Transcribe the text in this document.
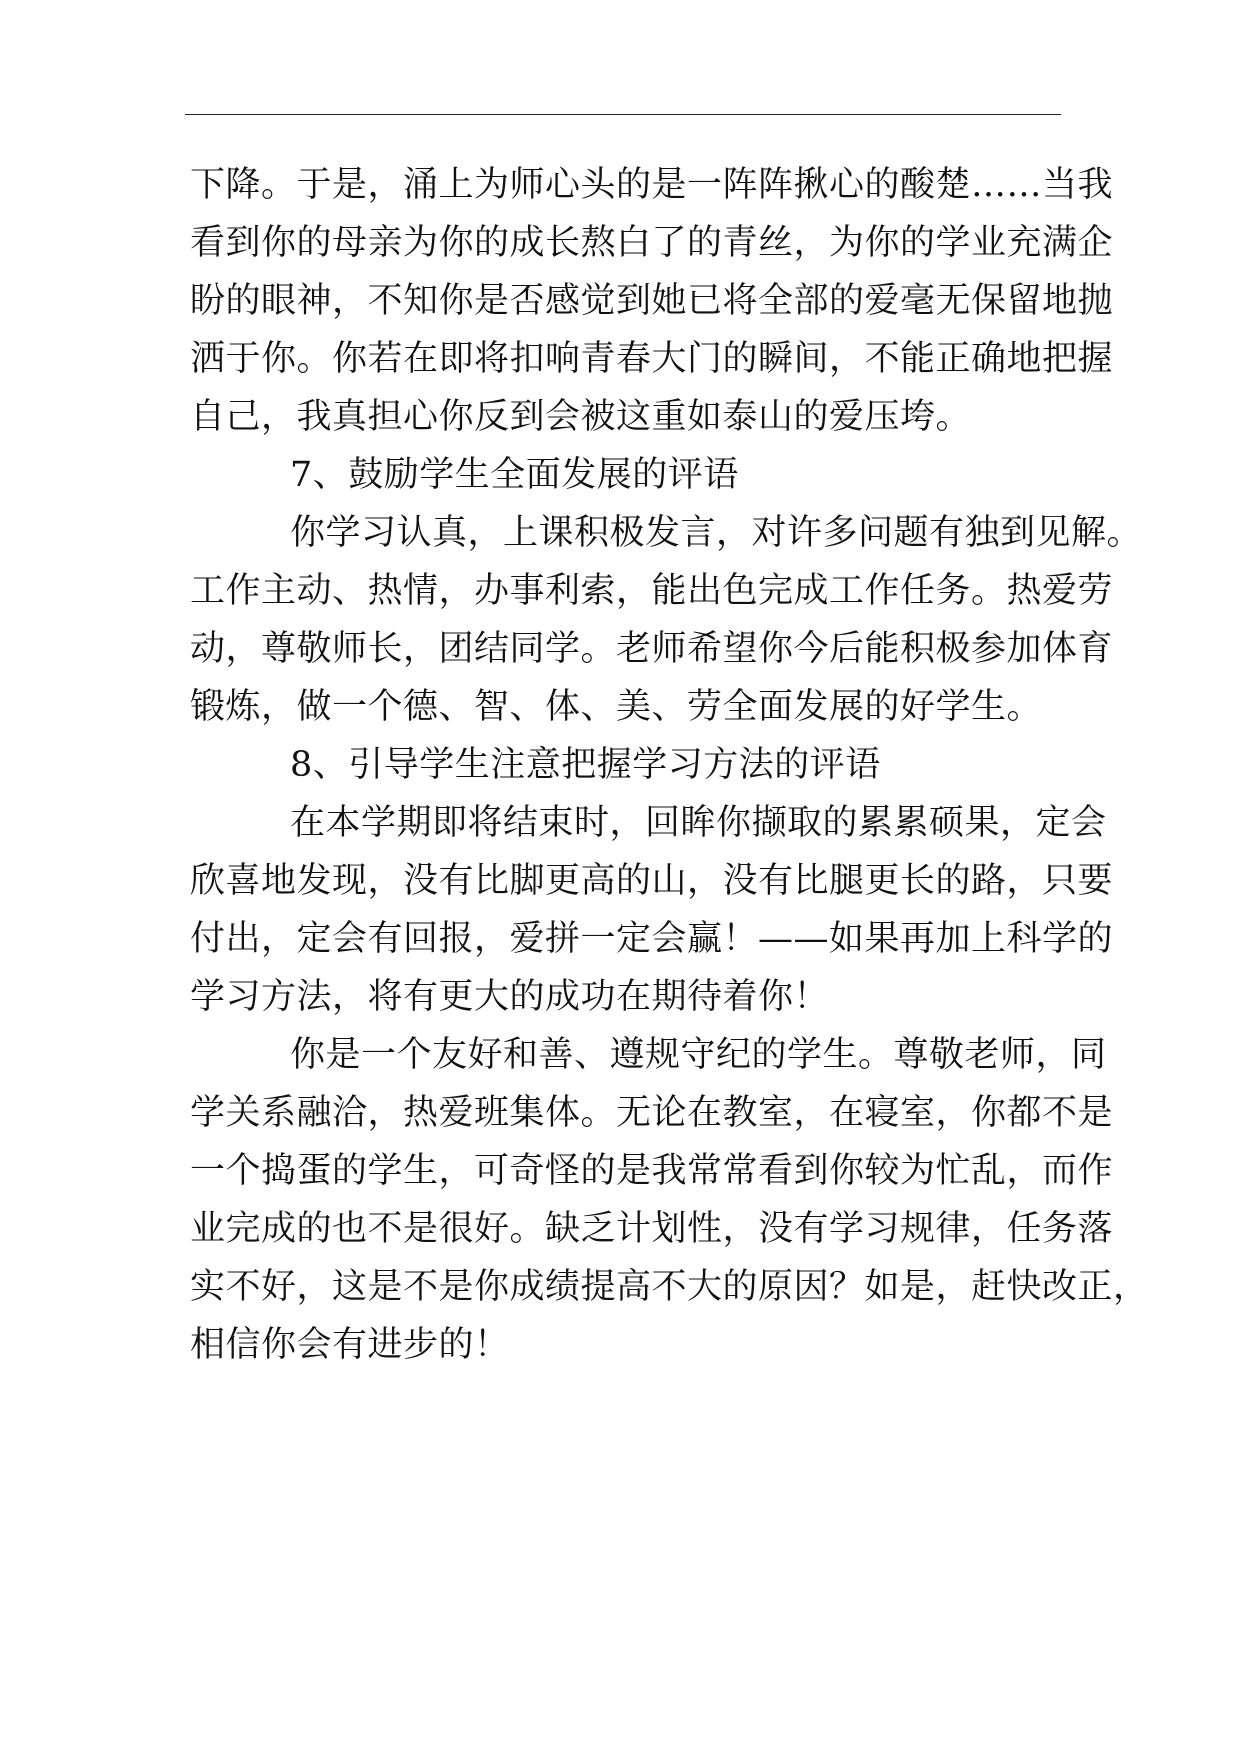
下降。于是，涌上为师心头的是一阵阵揪心的酸楚……当我
看到你的母亲为你的成长熬白了的青丝，为你的学业充满企
盼的眼神，不知你是否感觉到她已将全部的爱毫无保留地抛
洒于你。你若在即将扣响青春大门的瞬间，不能正确地把握
自己，我真担心你反到会被这重如泰山的爱压垮。
7、鼓励学生全面发展的评语
你学习认真，上课积极发言，对许多问题有独到见解。
工作主动、热情，办事利索，能出色完成工作任务。热爱劳
动，尊敬师长，团结同学。老师希望你今后能积极参加体育
锻炼，做一个德、智、体、美、劳全面发展的好学生。
8、引导学生注意把握学习方法的评语
在本学期即将结束时，回眸你撷取的累累硕果，定会
欣喜地发现，没有比脚更高的山，没有比腿更长的路，只要
付出，定会有回报，爱拼一定会赢！——如果再加上科学的
学习方法，将有更大的成功在期待着你！
你是一个友好和善、遵规守纪的学生。尊敬老师，同
学关系融洽，热爱班集体。无论在教室，在寝室，你都不是
一个捣蛋的学生，可奇怪的是我常常看到你较为忙乱，而作
业完成的也不是很好。缺乏计划性，没有学习规律，任务落
实不好，这是不是你成绩提高不大的原因？如是，赶快改正，
相信你会有进步的！
